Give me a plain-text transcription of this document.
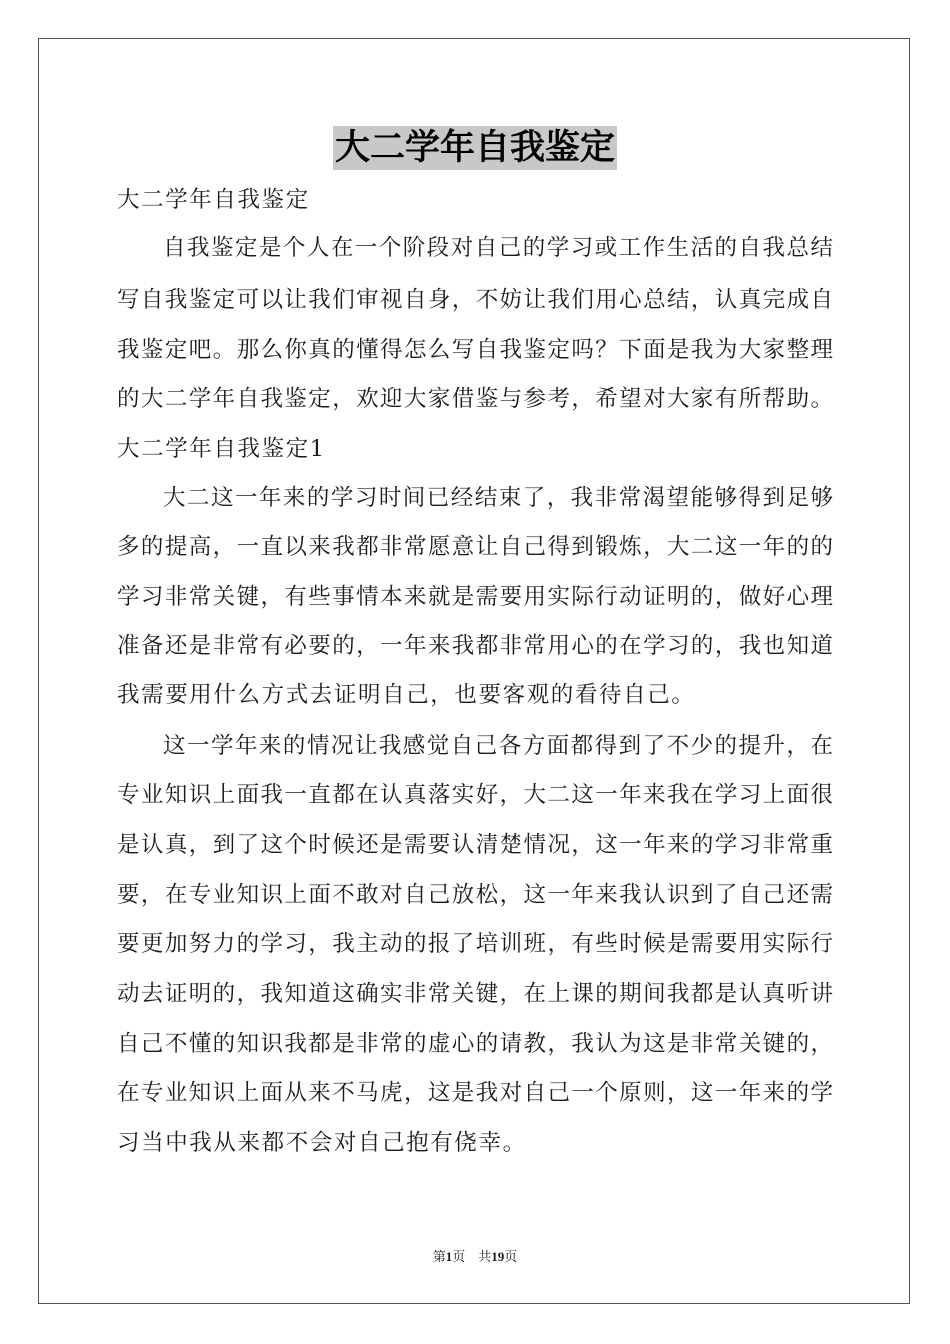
大二学年自我鉴定
大二学年自我鉴定
自我鉴定是个人在一个阶段对自己的学习或工作生活的自我总结
写自我鉴定可以让我们审视自身，不妨让我们用心总结，认真完成自
我鉴定吧。那么你真的懂得怎么写自我鉴定吗？下面是我为大家整理
的大二学年自我鉴定，欢迎大家借鉴与参考，希望对大家有所帮助。
大二学年自我鉴定1
大二这一年来的学习时间已经结束了，我非常渴望能够得到足够
多的提高，一直以来我都非常愿意让自己得到锻炼，大二这一年的的
学习非常关键，有些事情本来就是需要用实际行动证明的，做好心理
准备还是非常有必要的，一年来我都非常用心的在学习的，我也知道
我需要用什么方式去证明自己，也要客观的看待自己。
这一学年来的情况让我感觉自己各方面都得到了不少的提升，在
专业知识上面我一直都在认真落实好，大二这一年来我在学习上面很
是认真，到了这个时候还是需要认清楚情况，这一年来的学习非常重
要，在专业知识上面不敢对自己放松，这一年来我认识到了自己还需
要更加努力的学习，我主动的报了培训班，有些时候是需要用实际行
动去证明的，我知道这确实非常关键，在上课的期间我都是认真听讲
自己不懂的知识我都是非常的虚心的请教，我认为这是非常关键的，
在专业知识上面从来不马虎，这是我对自己一个原则，这一年来的学
习当中我从来都不会对自己抱有侥幸。
第1页　共19页
